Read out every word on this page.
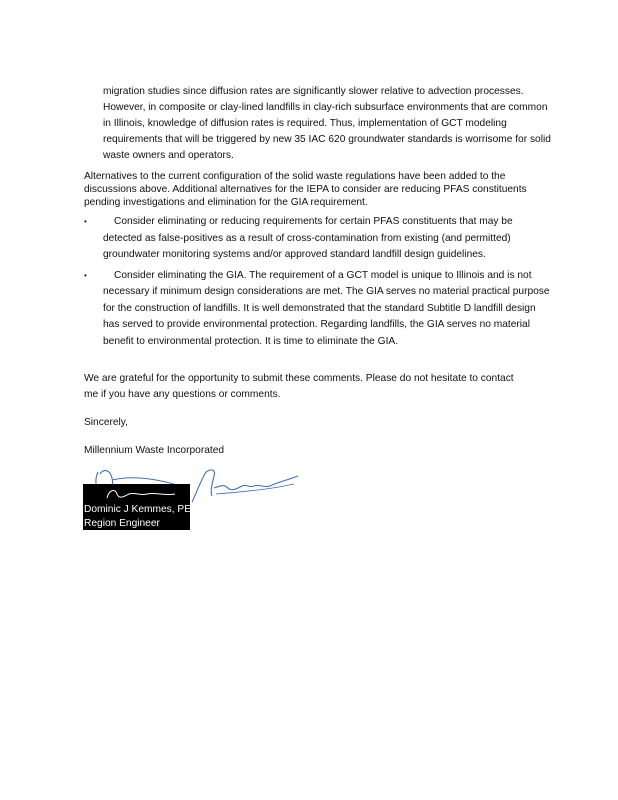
migration studies since diffusion rates are significantly slower relative to advection processes. However, in composite or clay-lined landfills in clay-rich subsurface environments that are common in Illinois, knowledge of diffusion rates is required. Thus, implementation of GCT modeling requirements that will be triggered by new 35 IAC 620 groundwater standards is worrisome for solid waste owners and operators.

Alternatives to the current configuration of the solid waste regulations have been added to the discussions above. Additional alternatives for the IEPA to consider are reducing PFAS constituents pending investigations and elimination for the GIA requirement.

•	Consider eliminating or reducing requirements for certain PFAS constituents that may be detected as false-positives as a result of cross-contamination from existing (and permitted) groundwater monitoring systems and/or approved standard landfill design guidelines.
•	Consider eliminating the GIA. The requirement of a GCT model is unique to Illinois and is not necessary if minimum design considerations are met. The GIA serves no material practical purpose for the construction of landfills. It is well demonstrated that the standard Subtitle D landfill design has served to provide environmental protection. Regarding landfills, the GIA serves no material benefit to environmental protection. It is time to eliminate the GIA.

We are grateful for the opportunity to submit these comments. Please do not hesitate to contact me if you have any questions or comments.

Sincerely,

Millennium Waste Incorporated

Dominic J Kemmes, PE
Region Engineer
